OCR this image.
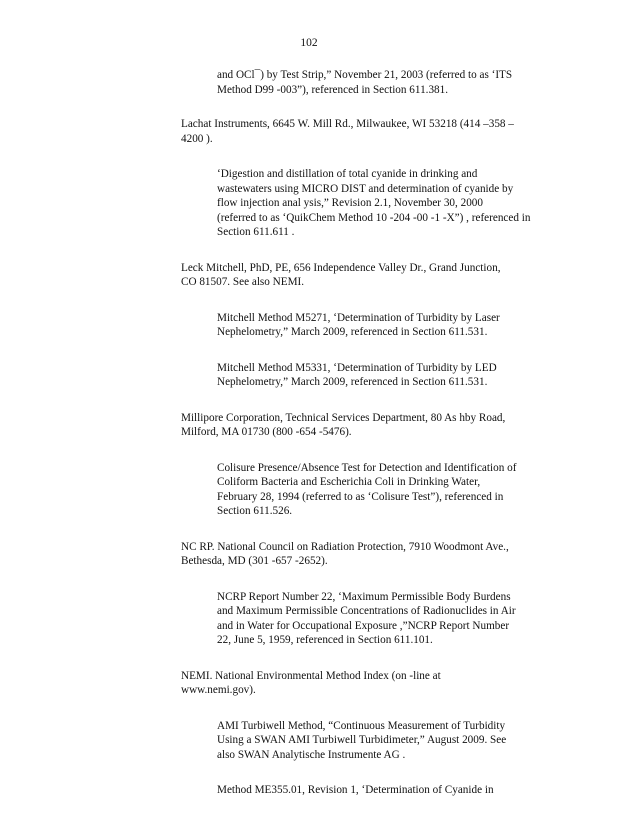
102
and OCl¯) by Test Strip,” November 21, 2003 (referred to as ‘ITS
Method D99 -003”), referenced in Section 611.381.
Lachat Instruments, 6645 W. Mill Rd., Milwaukee, WI 53218 (414 –358 –
4200 ).
‘Digestion and distillation of total cyanide in drinking and
wastewaters using MICRO DIST and determination of cyanide by
flow injection anal ysis,” Revision 2.1, November 30, 2000
(referred to as ‘QuikChem Method 10 -204 -00 -1 -X”) , referenced in
Section 611.611 .
Leck Mitchell, PhD, PE, 656 Independence Valley Dr., Grand Junction,
CO 81507. See also NEMI.
Mitchell Method M5271, ‘Determination of Turbidity by Laser
Nephelometry,” March 2009, referenced in Section 611.531.
Mitchell Method M5331, ‘Determination of Turbidity by LED
Nephelometry,” March 2009, referenced in Section 611.531.
Millipore Corporation, Technical Services Department, 80 As hby Road,
Milford, MA 01730 (800 -654 -5476).
Colisure Presence/Absence Test for Detection and Identification of
Coliform Bacteria and Escherichia Coli in Drinking Water,
February 28, 1994 (referred to as ‘Colisure Test”), referenced in
Section 611.526.
NC RP. National Council on Radiation Protection, 7910 Woodmont Ave.,
Bethesda, MD (301 -657 -2652).
NCRP Report Number 22, ‘Maximum Permissible Body Burdens
and Maximum Permissible Concentrations of Radionuclides in Air
and in Water for Occupational Exposure ,”NCRP Report Number
22, June 5, 1959, referenced in Section 611.101.
NEMI. National Environmental Method Index (on -line at
www.nemi.gov).
AMI Turbiwell Method, “Continuous Measurement of Turbidity
Using a SWAN AMI Turbiwell Turbidimeter,” August 2009. See
also SWAN Analytische Instrumente AG .
Method ME355.01, Revision 1, ‘Determination of Cyanide in
